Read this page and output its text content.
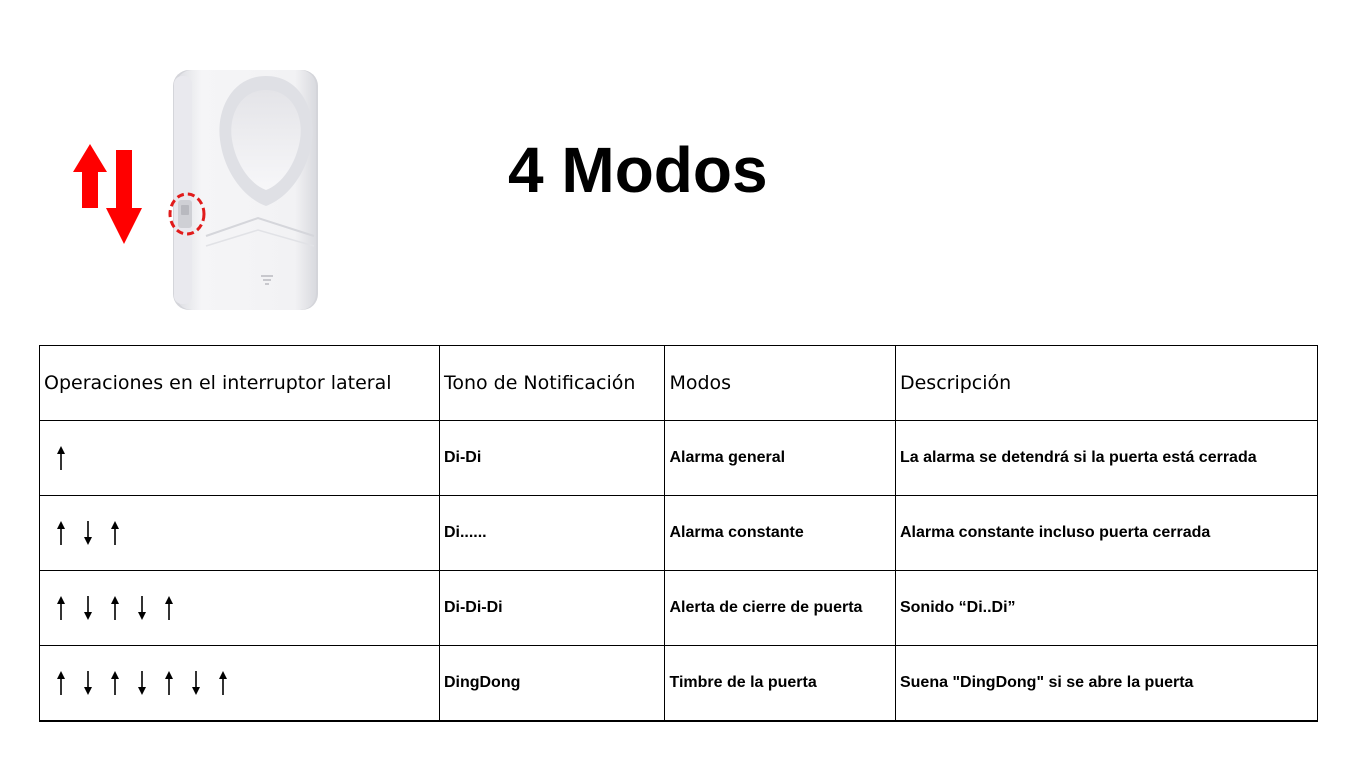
4 Modos
Operaciones en el interruptor lateral	Tono de Notificación	Modos	Descripción

	Di-Di	Alarma general	La alarma se detendrá si la puerta está cerrada

	Di......	Alarma constante	Alarma constante incluso puerta cerrada

	Di-Di-Di	Alerta de cierre de puerta	Sonido “Di..Di”

	DingDong	Timbre de la puerta	Suena "DingDong" si se abre la puerta
